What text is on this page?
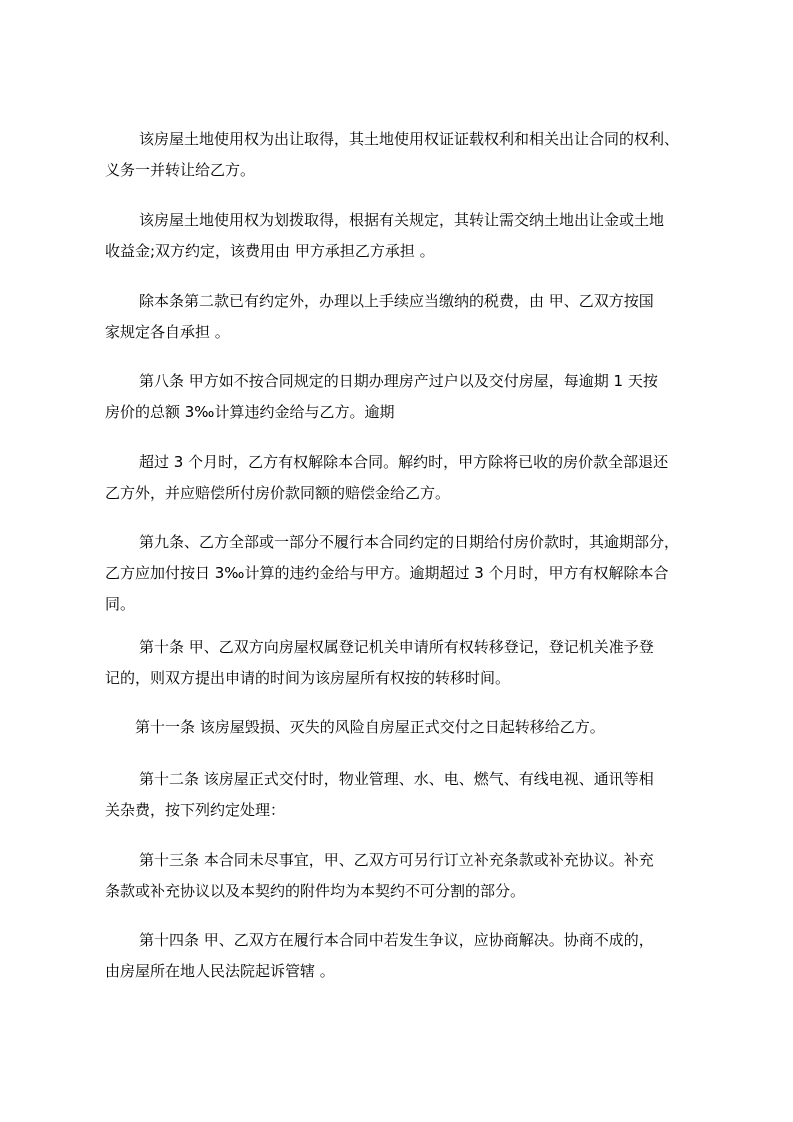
该房屋土地使用权为出让取得，其土地使用权证证载权利和相关出让合同的权利、
义务一并转让给乙方。
该房屋土地使用权为划拨取得，根据有关规定，其转让需交纳土地出让金或土地
收益金;双方约定，该费用由 甲方承担乙方承担 。
除本条第二款已有约定外，办理以上手续应当缴纳的税费，由 甲、乙双方按国
家规定各自承担 。
第八条 甲方如不按合同规定的日期办理房产过户以及交付房屋，每逾期 1 天按
房价的总额 3‰计算违约金给与乙方。逾期
超过 3 个月时，乙方有权解除本合同。解约时，甲方除将已收的房价款全部退还
乙方外，并应赔偿所付房价款同额的赔偿金给乙方。
第九条、乙方全部或一部分不履行本合同约定的日期给付房价款时，其逾期部分，
乙方应加付按日 3‰计算的违约金给与甲方。逾期超过 3 个月时，甲方有权解除本合
同。
第十条 甲、乙双方向房屋权属登记机关申请所有权转移登记，登记机关准予登
记的，则双方提出申请的时间为该房屋所有权按的转移时间。
第十一条 该房屋毁损、灭失的风险自房屋正式交付之日起转移给乙方。
第十二条 该房屋正式交付时，物业管理、水、电、燃气、有线电视、通讯等相
关杂费，按下列约定处理：
第十三条 本合同未尽事宜，甲、乙双方可另行订立补充条款或补充协议。补充
条款或补充协议以及本契约的附件均为本契约不可分割的部分。
第十四条 甲、乙双方在履行本合同中若发生争议，应协商解决。协商不成的，
由房屋所在地人民法院起诉管辖 。
